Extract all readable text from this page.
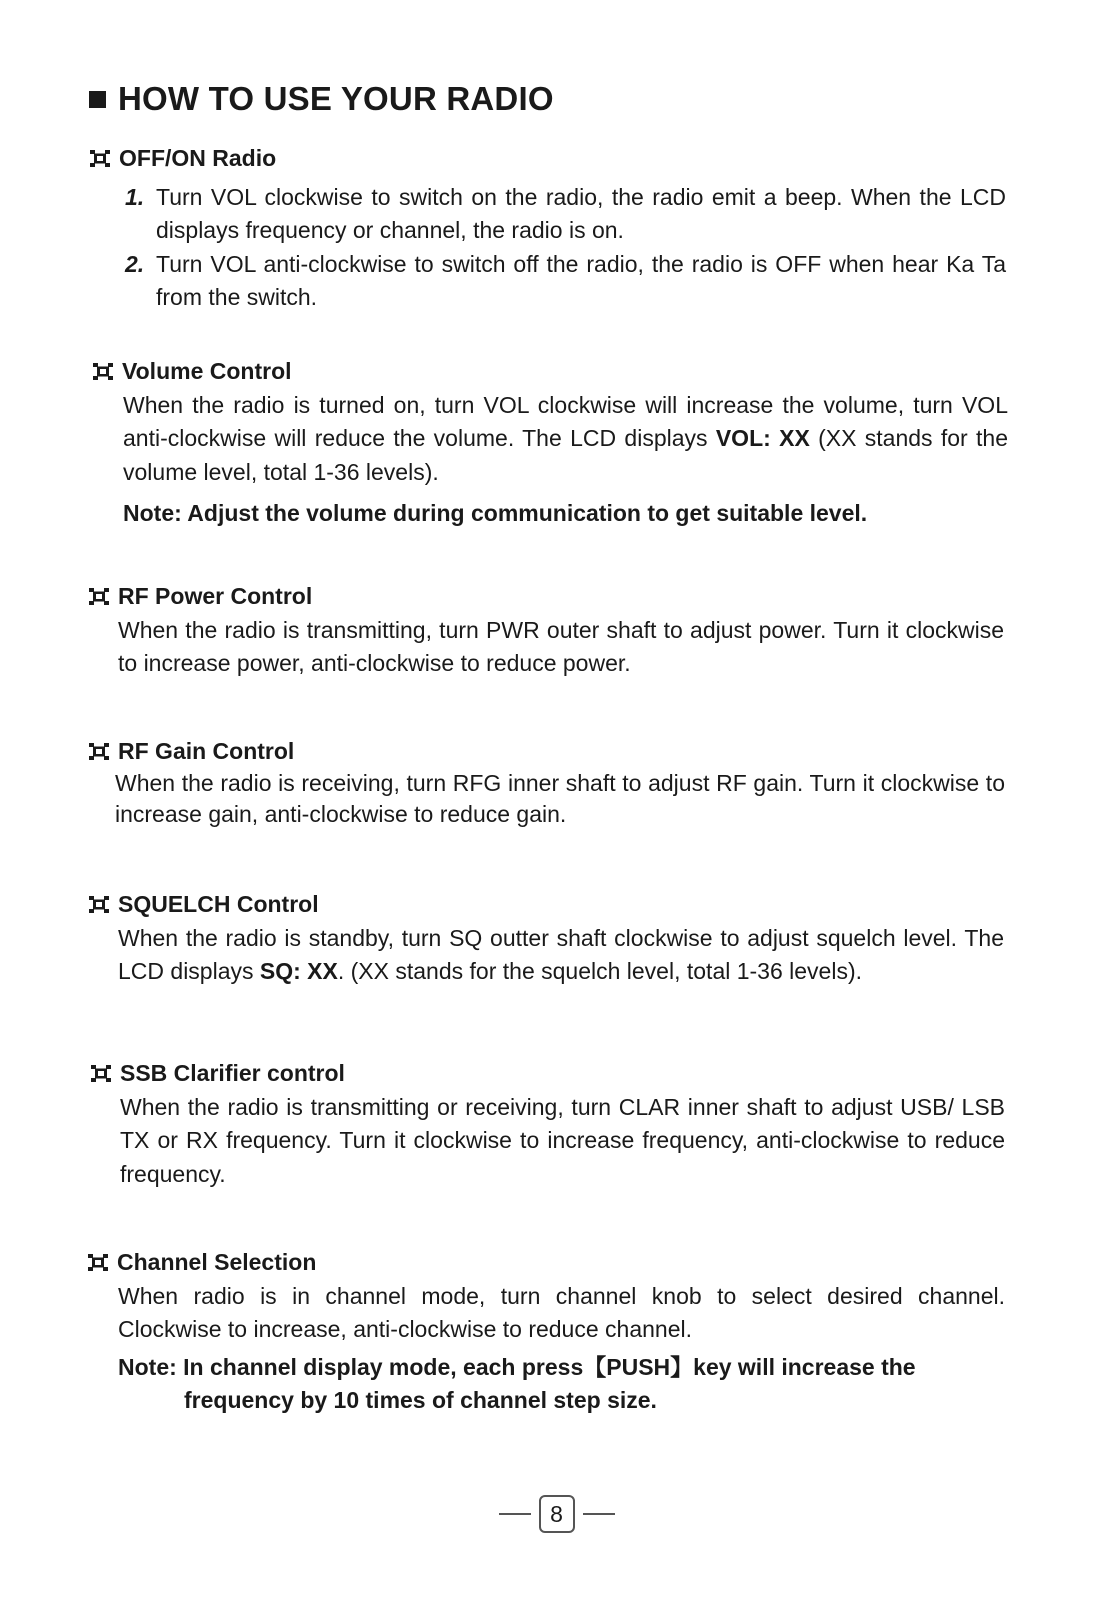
HOW TO USE YOUR RADIO
OFF/ON Radio
1. Turn VOL clockwise to switch on the radio, the radio emit a beep. When the LCD displays frequency or channel, the radio is on.
2. Turn VOL anti-clockwise to switch off the radio, the radio is OFF when hear Ka Ta from the switch.
Volume Control

When the radio is turned on, turn VOL clockwise will increase the volume, turn VOL anti-clockwise will reduce the volume. The LCD displays VOL: XX (XX stands for the volume level, total 1-36 levels).

Note: Adjust the volume during communication to get suitable level.

RF Power Control

When the radio is transmitting, turn PWR outer shaft to adjust power. Turn it clockwise to increase power, anti-clockwise to reduce power.

RF Gain Control

When the radio is receiving, turn RFG inner shaft to adjust RF gain. Turn it clockwise to increase gain, anti-clockwise to reduce gain.

SQUELCH Control

When the radio is standby, turn SQ outter shaft clockwise to adjust squelch level. The LCD displays SQ: XX. (XX stands for the squelch level, total 1-36 levels).

SSB Clarifier control

When the radio is transmitting or receiving, turn CLAR inner shaft to adjust USB/ LSB TX or RX frequency. Turn it clockwise to increase frequency, anti-clockwise to reduce frequency.

Channel Selection

When radio is in channel mode, turn channel knob to select desired channel. Clockwise to increase, anti-clockwise to reduce channel.

Note: In channel display mode, each press【PUSH】key will increase the
frequency by 10 times of channel step size.
8
